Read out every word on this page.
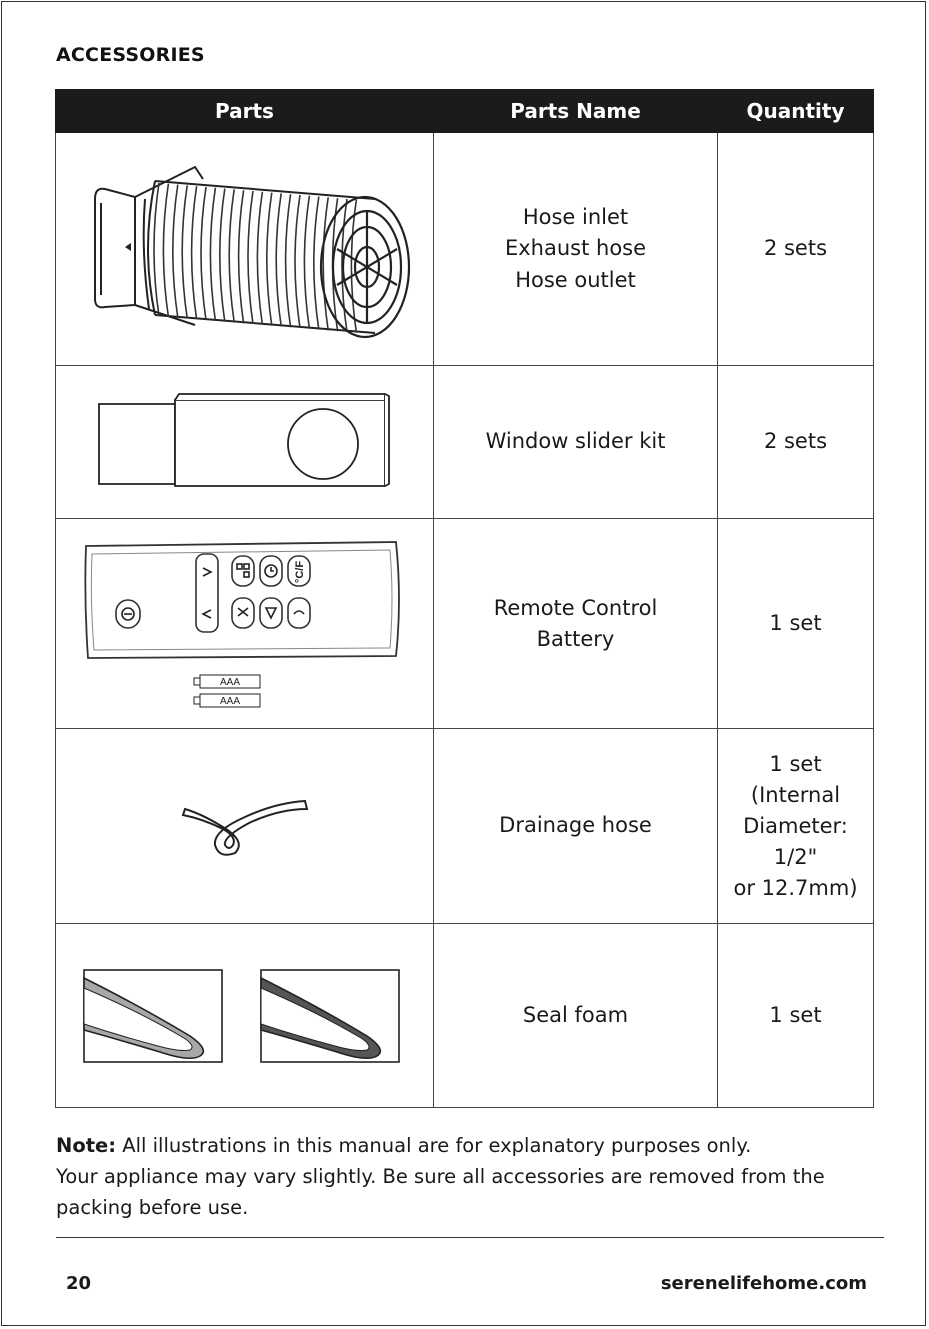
ACCESSORIES
Parts	Parts Name	Quantity

Hose inlet
Exhaust hose
Hose outlet	2 sets

Window slider kit	2 sets

°C/F
AAA
AAA	Remote Control
Battery	1 set

Drainage hose	1 set
(Internal
Diameter:
1/2"
or 12.7mm)

Seal foam	1 set
Note: All illustrations in this manual are for explanatory purposes only.
Your appliance may vary slightly. Be sure all accessories are removed from the packing before use.
20	serenelifehome.com
